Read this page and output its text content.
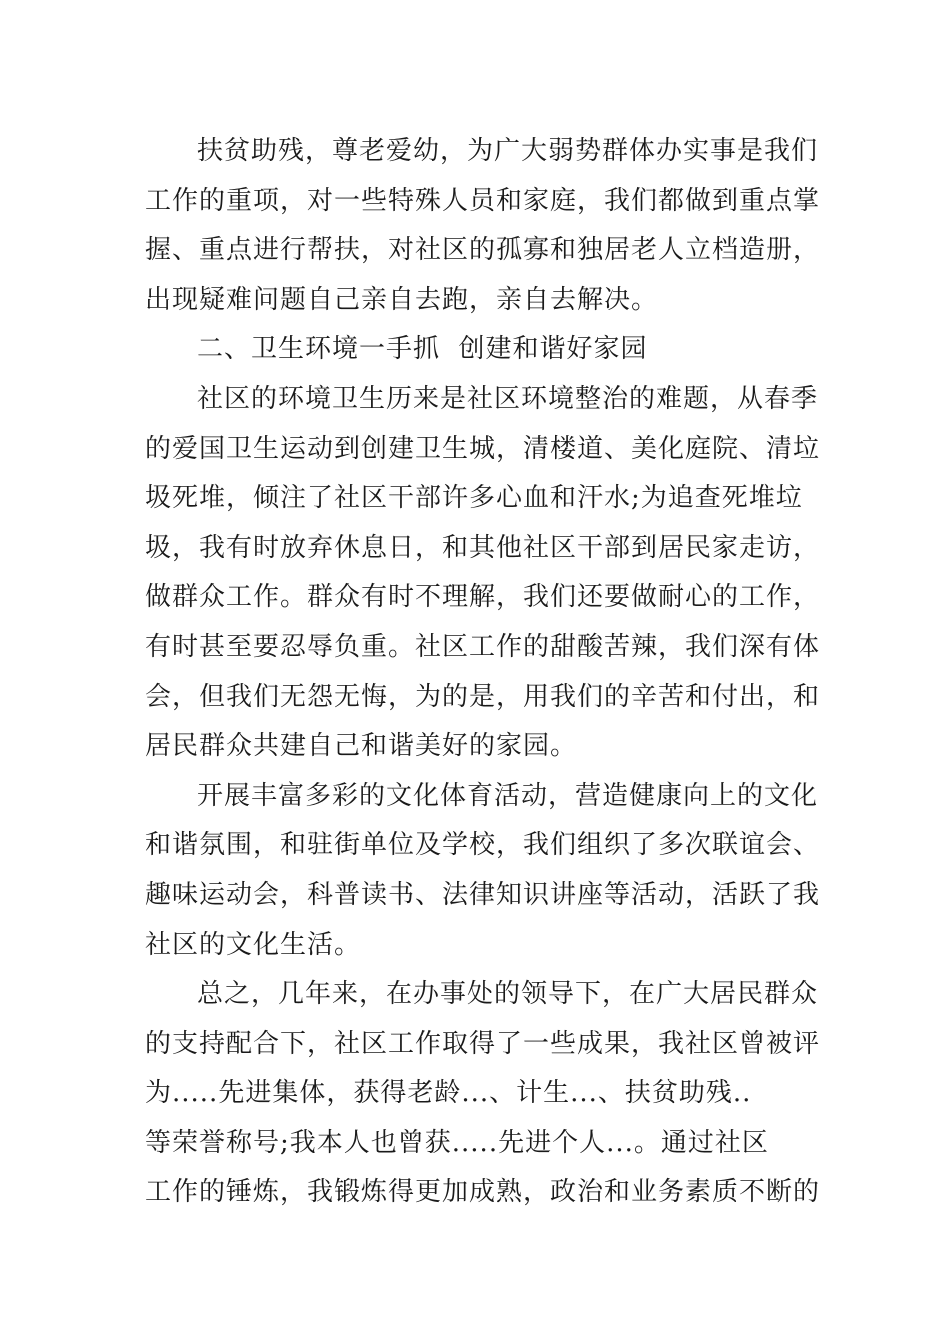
扶贫助残，尊老爱幼，为广大弱势群体办实事是我们
工作的重项，对一些特殊人员和家庭，我们都做到重点掌
握、重点进行帮扶，对社区的孤寡和独居老人立档造册，
出现疑难问题自己亲自去跑，亲自去解决。
二、卫生环境一手抓  创建和谐好家园
社区的环境卫生历来是社区环境整治的难题，从春季
的爱国卫生运动到创建卫生城，清楼道、美化庭院、清垃
圾死堆，倾注了社区干部许多心血和汗水;为追查死堆垃
圾，我有时放弃休息日，和其他社区干部到居民家走访，
做群众工作。群众有时不理解，我们还要做耐心的工作，
有时甚至要忍辱负重。社区工作的甜酸苦辣，我们深有体
会，但我们无怨无悔，为的是，用我们的辛苦和付出，和
居民群众共建自己和谐美好的家园。
开展丰富多彩的文化体育活动，营造健康向上的文化
和谐氛围，和驻街单位及学校，我们组织了多次联谊会、
趣味运动会，科普读书、法律知识讲座等活动，活跃了我
社区的文化生活。
总之，几年来，在办事处的领导下，在广大居民群众
的支持配合下，社区工作取得了一些成果，我社区曾被评
为.....先进集体，获得老龄...、计生...、扶贫助残..
等荣誉称号;我本人也曾获.....先进个人...。通过社区
工作的锤炼，我锻炼得更加成熟，政治和业务素质不断的
